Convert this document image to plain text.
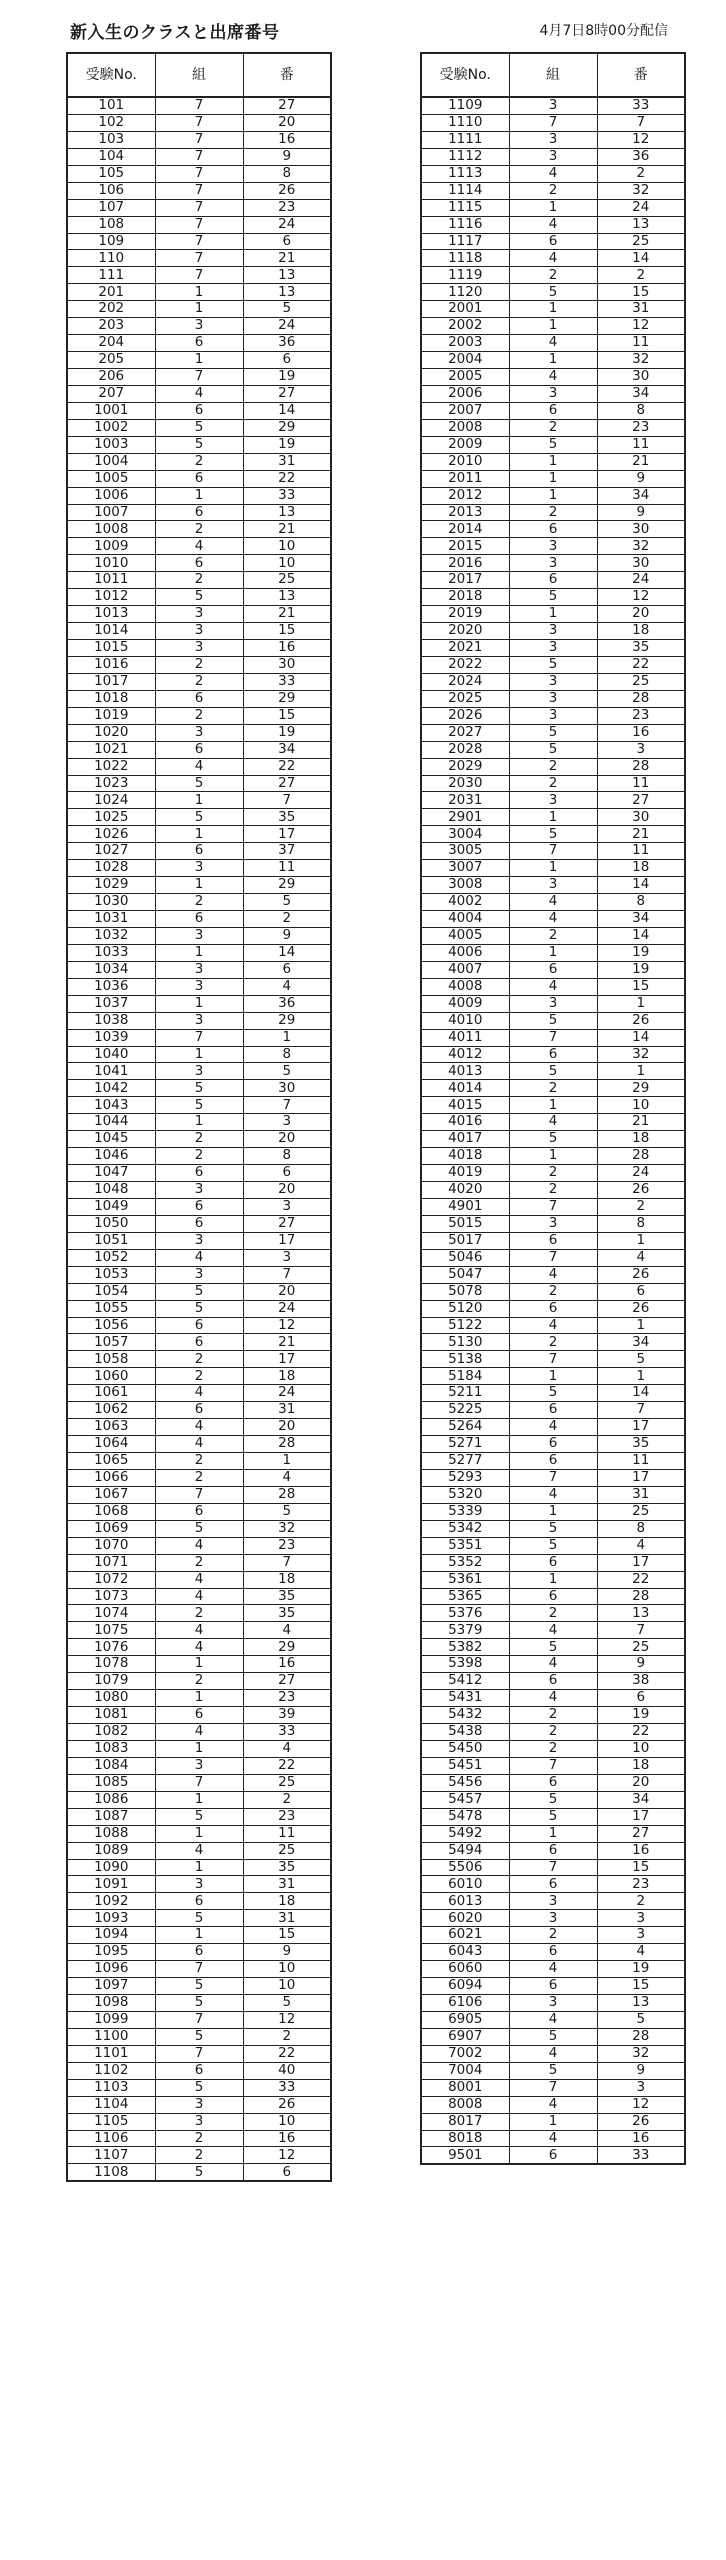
新入生のクラスと出席番号	4月7日8時00分配信
受験No.	組	番
101	7	27
102	7	20
103	7	16
104	7	9
105	7	8
106	7	26
107	7	23
108	7	24
109	7	6
110	7	21
111	7	13
201	1	13
202	1	5
203	3	24
204	6	36
205	1	6
206	7	19
207	4	27
1001	6	14
1002	5	29
1003	5	19
1004	2	31
1005	6	22
1006	1	33
1007	6	13
1008	2	21
1009	4	10
1010	6	10
1011	2	25
1012	5	13
1013	3	21
1014	3	15
1015	3	16
1016	2	30
1017	2	33
1018	6	29
1019	2	15
1020	3	19
1021	6	34
1022	4	22
1023	5	27
1024	1	7
1025	5	35
1026	1	17
1027	6	37
1028	3	11
1029	1	29
1030	2	5
1031	6	2
1032	3	9
1033	1	14
1034	3	6
1036	3	4
1037	1	36
1038	3	29
1039	7	1
1040	1	8
1041	3	5
1042	5	30
1043	5	7
1044	1	3
1045	2	20
1046	2	8
1047	6	6
1048	3	20
1049	6	3
1050	6	27
1051	3	17
1052	4	3
1053	3	7
1054	5	20
1055	5	24
1056	6	12
1057	6	21
1058	2	17
1060	2	18
1061	4	24
1062	6	31
1063	4	20
1064	4	28
1065	2	1
1066	2	4
1067	7	28
1068	6	5
1069	5	32
1070	4	23
1071	2	7
1072	4	18
1073	4	35
1074	2	35
1075	4	4
1076	4	29
1078	1	16
1079	2	27
1080	1	23
1081	6	39
1082	4	33
1083	1	4
1084	3	22
1085	7	25
1086	1	2
1087	5	23
1088	1	11
1089	4	25
1090	1	35
1091	3	31
1092	6	18
1093	5	31
1094	1	15
1095	6	9
1096	7	10
1097	5	10
1098	5	5
1099	7	12
1100	5	2
1101	7	22
1102	6	40
1103	5	33
1104	3	26
1105	3	10
1106	2	16
1107	2	12
1108	5	6
受験No.	組	番
1109	3	33
1110	7	7
1111	3	12
1112	3	36
1113	4	2
1114	2	32
1115	1	24
1116	4	13
1117	6	25
1118	4	14
1119	2	2
1120	5	15
2001	1	31
2002	1	12
2003	4	11
2004	1	32
2005	4	30
2006	3	34
2007	6	8
2008	2	23
2009	5	11
2010	1	21
2011	1	9
2012	1	34
2013	2	9
2014	6	30
2015	3	32
2016	3	30
2017	6	24
2018	5	12
2019	1	20
2020	3	18
2021	3	35
2022	5	22
2024	3	25
2025	3	28
2026	3	23
2027	5	16
2028	5	3
2029	2	28
2030	2	11
2031	3	27
2901	1	30
3004	5	21
3005	7	11
3007	1	18
3008	3	14
4002	4	8
4004	4	34
4005	2	14
4006	1	19
4007	6	19
4008	4	15
4009	3	1
4010	5	26
4011	7	14
4012	6	32
4013	5	1
4014	2	29
4015	1	10
4016	4	21
4017	5	18
4018	1	28
4019	2	24
4020	2	26
4901	7	2
5015	3	8
5017	6	1
5046	7	4
5047	4	26
5078	2	6
5120	6	26
5122	4	1
5130	2	34
5138	7	5
5184	1	1
5211	5	14
5225	6	7
5264	4	17
5271	6	35
5277	6	11
5293	7	17
5320	4	31
5339	1	25
5342	5	8
5351	5	4
5352	6	17
5361	1	22
5365	6	28
5376	2	13
5379	4	7
5382	5	25
5398	4	9
5412	6	38
5431	4	6
5432	2	19
5438	2	22
5450	2	10
5451	7	18
5456	6	20
5457	5	34
5478	5	17
5492	1	27
5494	6	16
5506	7	15
6010	6	23
6013	3	2
6020	3	3
6021	2	3
6043	6	4
6060	4	19
6094	6	15
6106	3	13
6905	4	5
6907	5	28
7002	4	32
7004	5	9
8001	7	3
8008	4	12
8017	1	26
8018	4	16
9501	6	33
